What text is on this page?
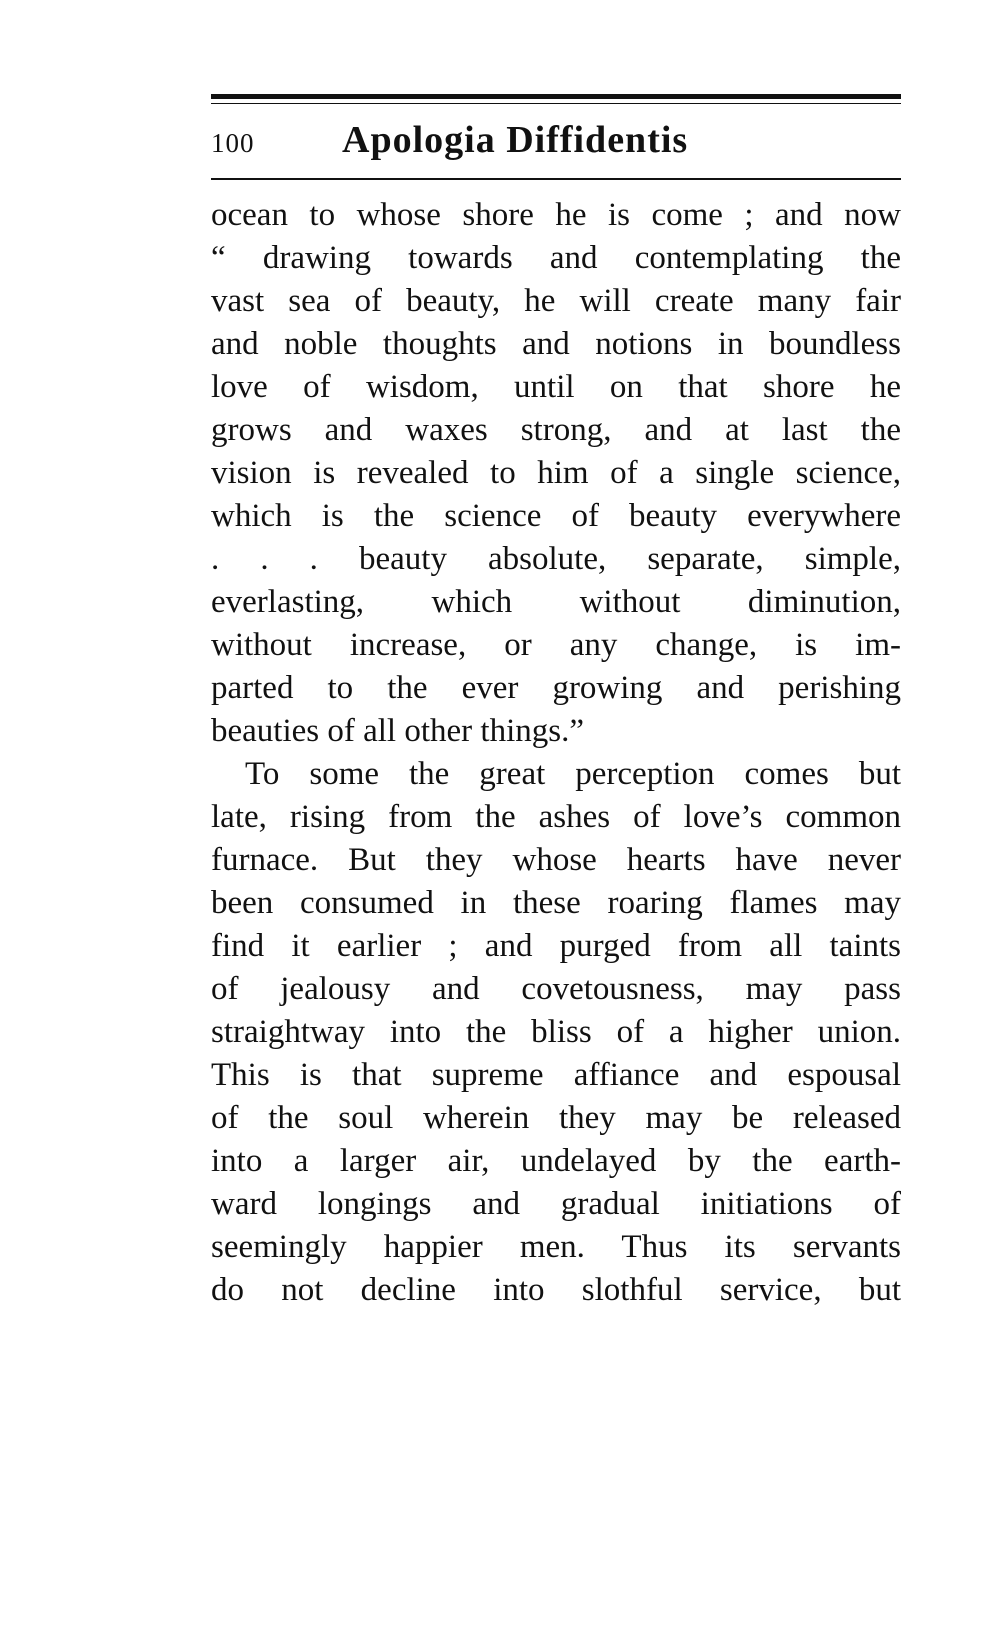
100 Apologia Diffidentis
ocean to whose shore he is come ; and now
“ drawing towards and contemplating the
vast sea of beauty, he will create many fair
and noble thoughts and notions in boundless
love of wisdom, until on that shore he
grows and waxes strong, and at last the
vision is revealed to him of a single science,
which is the science of beauty everywhere
. . . beauty absolute, separate, simple,
everlasting, which without diminution,
without increase, or any change, is im-
parted to the ever growing and perishing
beauties of all other things.”
To some the great perception comes but
late, rising from the ashes of love’s common
furnace. But they whose hearts have never
been consumed in these roaring flames may
find it earlier ; and purged from all taints
of jealousy and covetousness, may pass
straightway into the bliss of a higher union.
This is that supreme affiance and espousal
of the soul wherein they may be released
into a larger air, undelayed by the earth-
ward longings and gradual initiations of
seemingly happier men. Thus its servants
do not decline into slothful service, but
